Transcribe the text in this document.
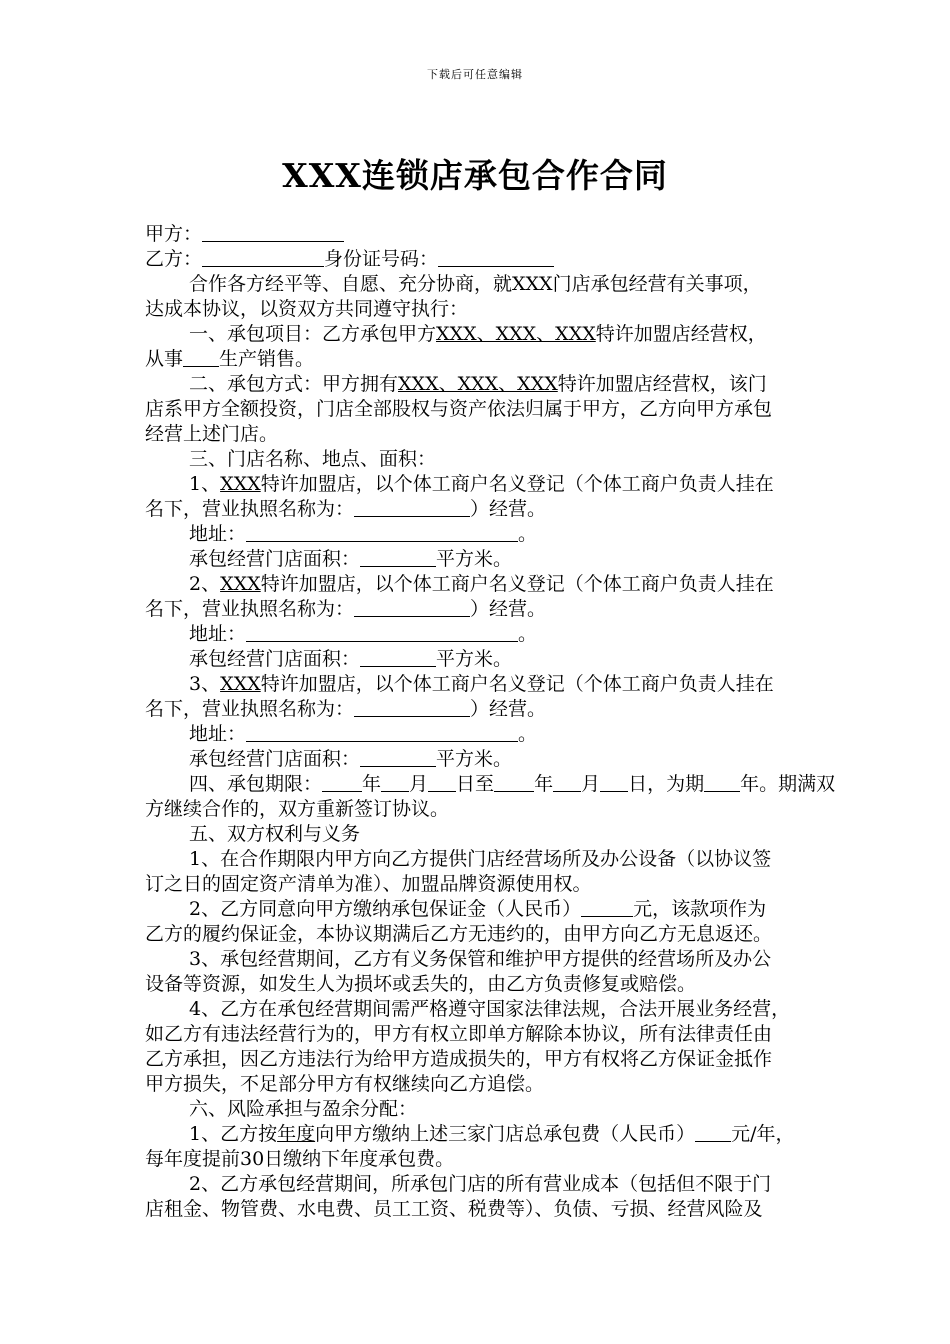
下载后可任意编辑
XXX连锁店承包合作合同

甲方：

乙方：	身份证号码：

合作各方经平等、自愿、充分协商，就XXX门店承包经营有关事项，

达成本协议，以资双方共同遵守执行：

一、承包项目：乙方承包甲方XXX、XXX、XXX特许加盟店经营权，

从事 生产销售。

二、承包方式：甲方拥有XXX、XXX、XXX特许加盟店经营权，该门

店系甲方全额投资，门店全部股权与资产依法归属于甲方，乙方向甲方承包

经营上述门店。

三、门店名称、地点、面积：

1、XXX特许加盟店，以个体工商户名义登记（个体工商户负责人挂在

名下，营业执照名称为：	）经营。

地址：	。

承包经营门店面积：	平方米。

2、XXX特许加盟店，以个体工商户名义登记（个体工商户负责人挂在

名下，营业执照名称为：	）经营。

地址：	。

承包经营门店面积：	平方米。

3、XXX特许加盟店，以个体工商户名义登记（个体工商户负责人挂在

名下，营业执照名称为：	）经营。

地址：	。

承包经营门店面积：	平方米。

四、承包期限： 年 月 日至 年 月 日，为期 年。期满双

方继续合作的，双方重新签订协议。

五、双方权利与义务

1、在合作期限内甲方向乙方提供门店经营场所及办公设备（以协议签

订之日的固定资产清单为准）、加盟品牌资源使用权。

2、乙方同意向甲方缴纳承包保证金（人民币）	元，该款项作为

乙方的履约保证金，本协议期满后乙方无违约的，由甲方向乙方无息返还。

3、承包经营期间，乙方有义务保管和维护甲方提供的经营场所及办公

设备等资源，如发生人为损坏或丢失的，由乙方负责修复或赔偿。

4、乙方在承包经营期间需严格遵守国家法律法规，合法开展业务经营，

如乙方有违法经营行为的，甲方有权立即单方解除本协议，所有法律责任由

乙方承担，因乙方违法行为给甲方造成损失的，甲方有权将乙方保证金抵作

甲方损失，不足部分甲方有权继续向乙方追偿。

六、风险承担与盈余分配：

1、乙方按年度向甲方缴纳上述三家门店总承包费（人民币） 元/年，

每年度提前30日缴纳下年度承包费。

2、乙方承包经营期间，所承包门店的所有营业成本（包括但不限于门

店租金、物管费、水电费、员工工资、税费等）、负债、亏损、经营风险及
